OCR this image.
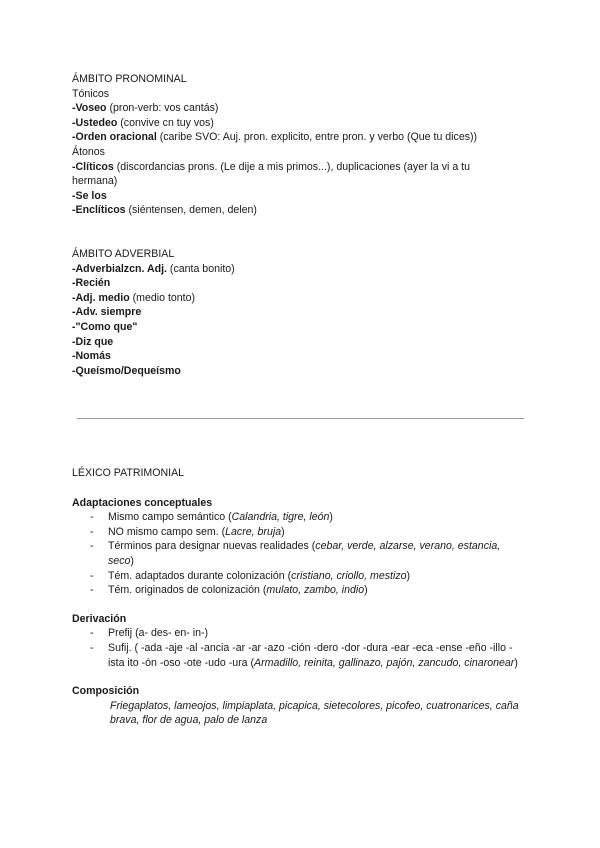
ÁMBITO PRONOMINAL
Tónicos
-Voseo (pron-verb: vos cantás)
-Ustedeo (convive cn tuy vos)
-Orden oracional (caribe SVO: Auj. pron. explicito, entre pron. y verbo (Que tu dices))
Átonos
-Clíticos (discordancias prons. (Le dije a mis primos...), duplicaciones (ayer la vi a tu hermana)
-Se los
-Enclíticos (siéntensen, demen, delen)
ÁMBITO ADVERBIAL
-Adverbialzcn. Adj. (canta bonito)
-Recién
-Adj. medio (medio tonto)
-Adv. siempre
-"Como que"
-Diz que
-Nomás
-Queísmo/Dequeísmo
LÉXICO PATRIMONIAL
Adaptaciones conceptuales
- Mismo campo semántico (Calandria, tigre, león)
- NO mismo campo sem. (Lacre, bruja)
- Términos para designar nuevas realidades (cebar, verde, alzarse, verano, estancia, seco)
- Tém. adaptados durante colonización (cristiano, criollo, mestizo)
- Tém. originados de colonización (mulato, zambo, indio)
Derivación
- Prefij (a- des- en- in-)
- Sufij. ( -ada -aje -al -ancia -ar -ar -azo -ción -dero -dor -dura -ear -eca -ense -eño -illo -ista ito -ón -oso -ote -udo -ura (Armadillo, reinita, gallinazo, pajón, zancudo, cinaronear)
Composición
Friegaplatos, lameojos, limpiaplata, picapica, sietecolores, picofeo, cuatronarices, caña brava, flor de agua, palo de lanza
